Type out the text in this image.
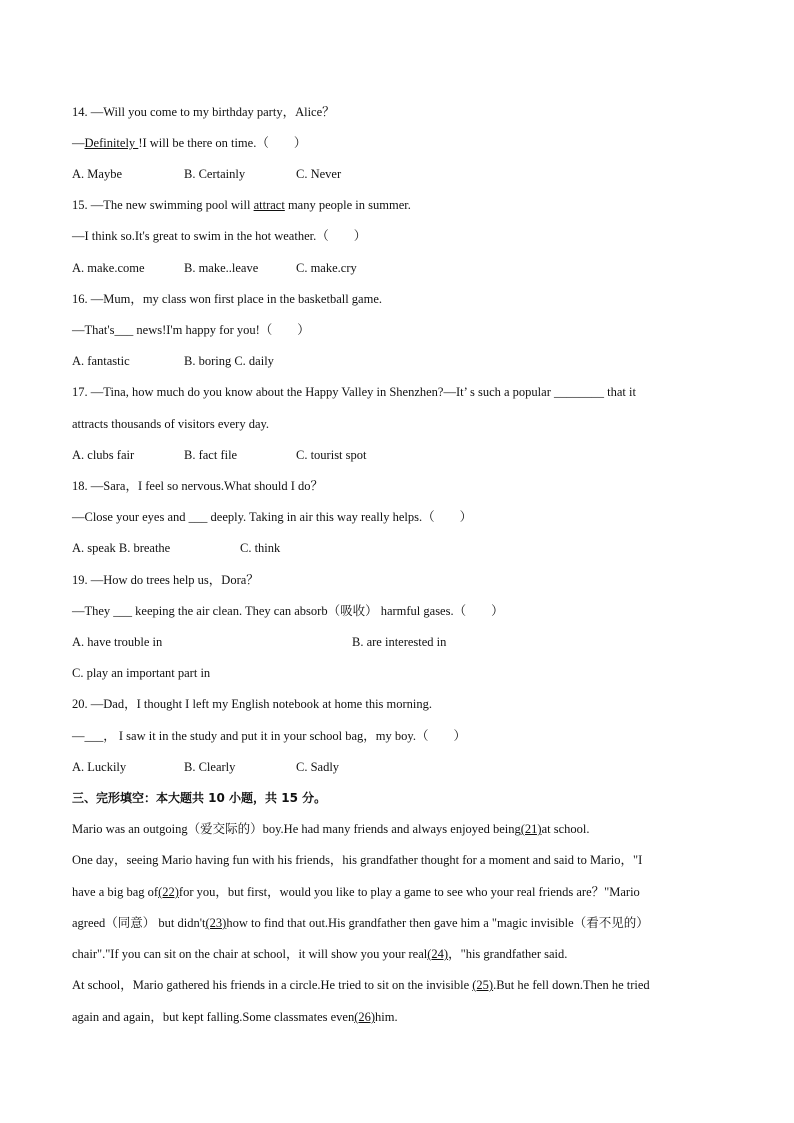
14. —Will you come to my birthday party，Alice？
—Definitely !I will be there on time.（　　）
A. Maybe	B. Certainly	C. Never
15. —The new swimming pool will attract many people in summer.
—I think so.It's great to swim in the hot weather.（　　）
A. make.come	B. make..leave	C. make.cry
16. —Mum，my class won first place in the basketball game.
—That's___ news!I'm happy for you!（　　）
A. fantastic	B. boring C. daily
17. —Tina, how much do you know about the Happy Valley in Shenzhen?—It’ s such a popular ________ that it
attracts thousands of visitors every day.
A. clubs fair	B. fact file	C. tourist spot
18. —Sara，I feel so nervous.What should I do？
—Close your eyes and ___ deeply. Taking in air this way really helps.（　　）
A. speak B. breathe	C. think
19. —How do trees help us，Dora？
—They ___ keeping the air clean. They can absorb（吸收） harmful gases.（　　）
A. have trouble in	B. are interested in
C. play an important part in
20. —Dad，I thought I left my English notebook at home this morning.
—___， I saw it in the study and put it in your school bag，my boy.（　　）
A. Luckily	B. Clearly	C. Sadly
三、完形填空：本大题共 10 小题，共 15 分。
Mario was an outgoing（爱交际的）boy.He had many friends and always enjoyed being(21)at school.
One day，seeing Mario having fun with his friends，his grandfather thought for a moment and said to Mario，"I
have a big bag of(22)for you，but first，would you like to play a game to see who your real friends are？"Mario
agreed（同意） but didn't(23)how to find that out.His grandfather then gave him a "magic invisible（看不见的）
chair"."If you can sit on the chair at school，it will show you your real(24)，"his grandfather said.
At school，Mario gathered his friends in a circle.He tried to sit on the invisible (25).But he fell down.Then he tried
again and again，but kept falling.Some classmates even(26)him.
